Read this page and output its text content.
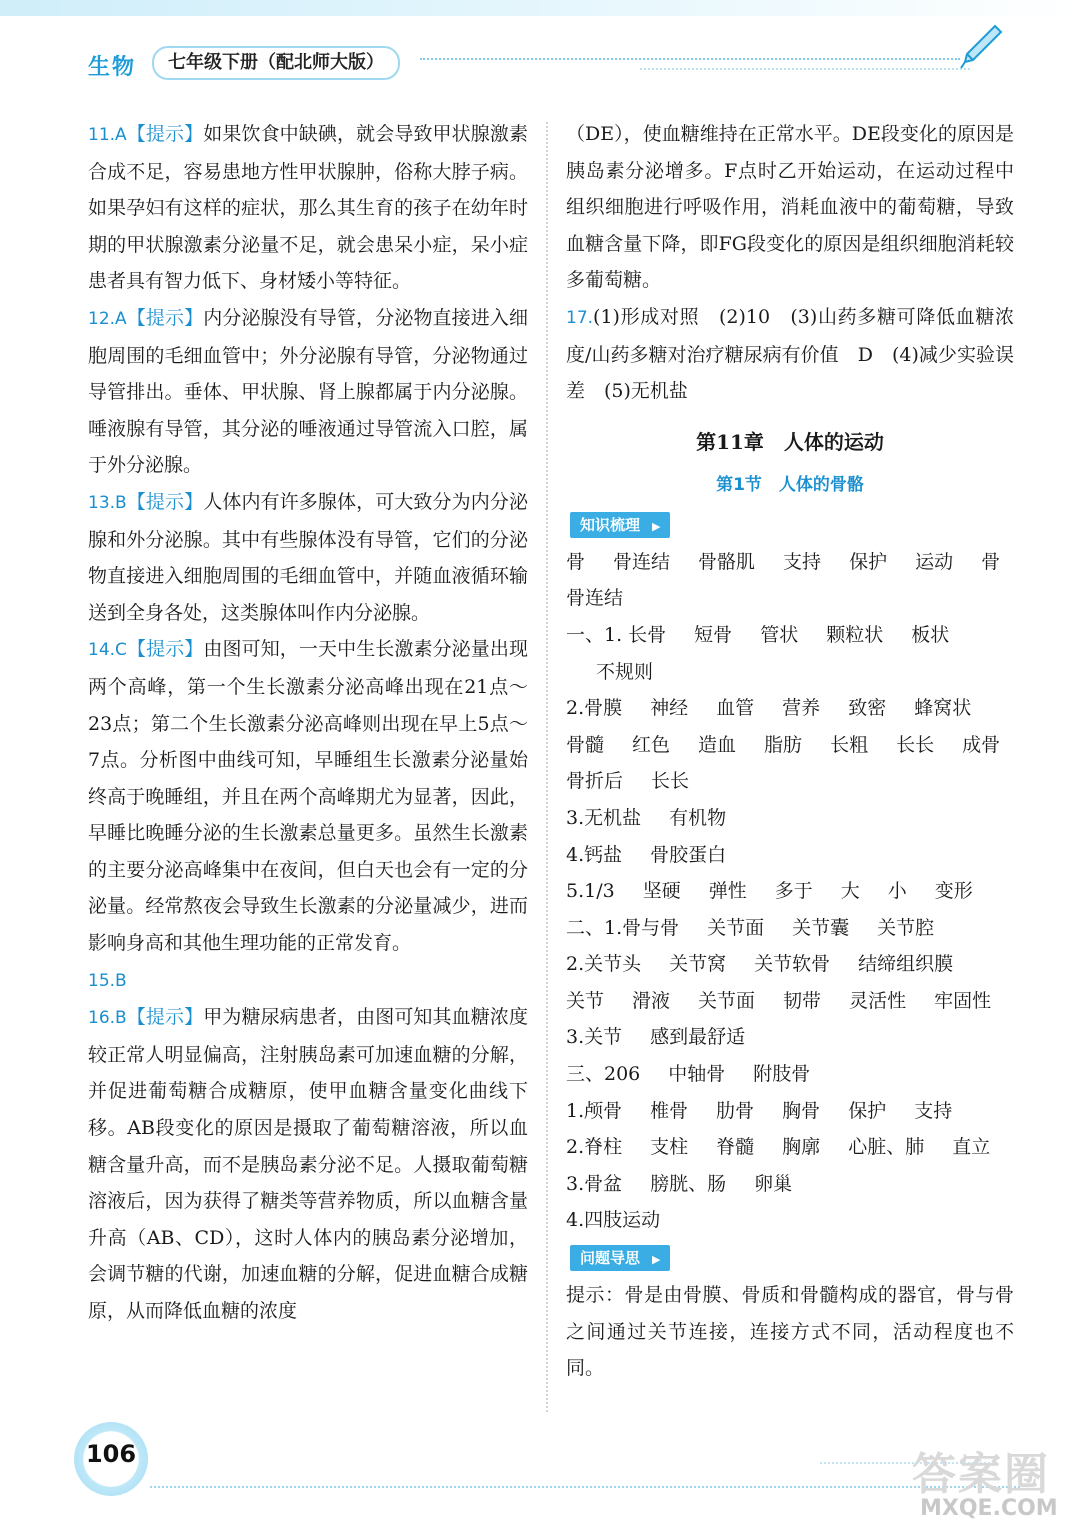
生物	七年级下册（配北师大版）

11.A【提示】如果饮食中缺碘，就会导致甲状腺激素合成不足，容易患地方性甲状腺肿，俗称大脖子病。如果孕妇有这样的症状，那么其生育的孩子在幼年时期的甲状腺激素分泌量不足，就会患呆小症，呆小症患者具有智力低下、身材矮小等特征。

12.A【提示】内分泌腺没有导管，分泌物直接进入细胞周围的毛细血管中；外分泌腺有导管，分泌物通过导管排出。垂体、甲状腺、肾上腺都属于内分泌腺。唾液腺有导管，其分泌的唾液通过导管流入口腔，属于外分泌腺。

13.B【提示】人体内有许多腺体，可大致分为内分泌腺和外分泌腺。其中有些腺体没有导管，它们的分泌物直接进入细胞周围的毛细血管中，并随血液循环输送到全身各处，这类腺体叫作内分泌腺。

14.C【提示】由图可知，一天中生长激素分泌量出现两个高峰，第一个生长激素分泌高峰出现在21点～23点；第二个生长激素分泌高峰则出现在早上5点～7点。分析图中曲线可知，早睡组生长激素分泌量始终高于晚睡组，并且在两个高峰期尤为显著，因此，早睡比晚睡分泌的生长激素总量更多。虽然生长激素的主要分泌高峰集中在夜间，但白天也会有一定的分泌量。经常熬夜会导致生长激素的分泌量减少，进而影响身高和其他生理功能的正常发育。

15.B

16.B【提示】甲为糖尿病患者，由图可知其血糖浓度较正常人明显偏高，注射胰岛素可加速血糖的分解，并促进葡萄糖合成糖原，使甲血糖含量变化曲线下移。AB段变化的原因是摄取了葡萄糖溶液，所以血糖含量升高，而不是胰岛素分泌不足。人摄取葡萄糖溶液后，因为获得了糖类等营养物质，所以血糖含量升高（AB、CD），这时人体内的胰岛素分泌增加，会调节糖的代谢，加速血糖的分解，促进血糖合成糖原，从而降低血糖的浓度

（DE），使血糖维持在正常水平。DE段变化的原因是胰岛素分泌增多。F点时乙开始运动，在运动过程中组织细胞进行呼吸作用，消耗血液中的葡萄糖，导致血糖含量下降，即FG段变化的原因是组织细胞消耗较多葡萄糖。

17.(1)形成对照　(2)10　(3)山药多糖可降低血糖浓度/山药多糖对治疗糖尿病有价值　D　(4)减少实验误差　(5)无机盐

第11章　人体的运动
第1节　人体的骨骼
知识梳理 ▶
骨 骨连结 骨骼肌 支持 保护 运动 骨
骨连结
一、1. 长骨 短骨 管状 颗粒状 板状
不规则
2.骨膜 神经 血管 营养 致密 蜂窝状
骨髓 红色 造血 脂肪 长粗 长长 成骨
骨折后 长长
3.无机盐 有机物
4.钙盐 骨胶蛋白
5.1/3 坚硬 弹性 多于 大 小 变形
二、1.骨与骨 关节面 关节囊 关节腔
2.关节头 关节窝 关节软骨 结缔组织膜
关节 滑液 关节面 韧带 灵活性 牢固性
3.关节 感到最舒适
三、206 中轴骨 附肢骨
1.颅骨 椎骨 肋骨 胸骨 保护 支持
2.脊柱 支柱 脊髓 胸廓 心脏、肺 直立
3.骨盆 膀胱、肠 卵巢
4.四肢运动
问题导思 ▶

提示：骨是由骨膜、骨质和骨髓构成的器官，骨与骨之间通过关节连接，连接方式不同，活动程度也不同。

106	答案圈
MXQE.COM
